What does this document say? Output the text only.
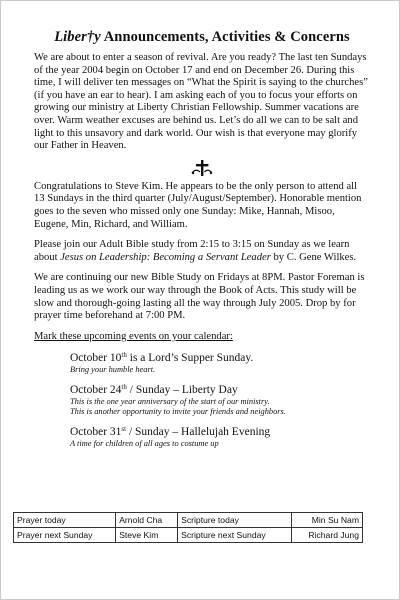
Liber†y Announcements, Activities & Concerns

We are about to enter a season of revival. Are you ready? The last ten Sundays of the year 2004 begin on October 17 and end on December 26. During this time, I will deliver ten messages on “What the Spirit is saying to the churches” (if you have an ear to hear). I am asking each of you to focus your efforts on growing our ministry at Liberty Christian Fellowship. Summer vacations are over. Warm weather excuses are behind us. Let’s do all we can to be salt and light to this unsavory and dark world. Our wish is that everyone may glorify our Father in Heaven.

Congratulations to Steve Kim. He appears to be the only person to attend all 13 Sundays in the third quarter (July/August/September). Honorable mention goes to the seven who missed only one Sunday: Mike, Hannah, Misoo, Eugene, Min, Richard, and William.

Please join our Adult Bible study from 2:15 to 3:15 on Sunday as we learn about Jesus on Leadership: Becoming a Servant Leader by C. Gene Wilkes.

We are continuing our new Bible Study on Fridays at 8PM. Pastor Foreman is leading us as we work our way through the Book of Acts. This study will be slow and thorough-going lasting all the way through July 2005. Drop by for prayer time beforehand at 7:00 PM.

Mark these upcoming events on your calendar:

October 10th is a Lord’s Supper Sunday.
Bring your humble heart.
October 24th / Sunday – Liberty Day
This is the one year anniversary of the start of our ministry.
This is another opportunity to invite your friends and neighbors.
October 31st / Sunday – Hallelujah Evening
A time for children of all ages to costume up
Prayer today	Arnold Cha	Scripture today	Min Su Nam
Prayer next Sunday	Steve Kim	Scripture next Sunday	Richard Jung
